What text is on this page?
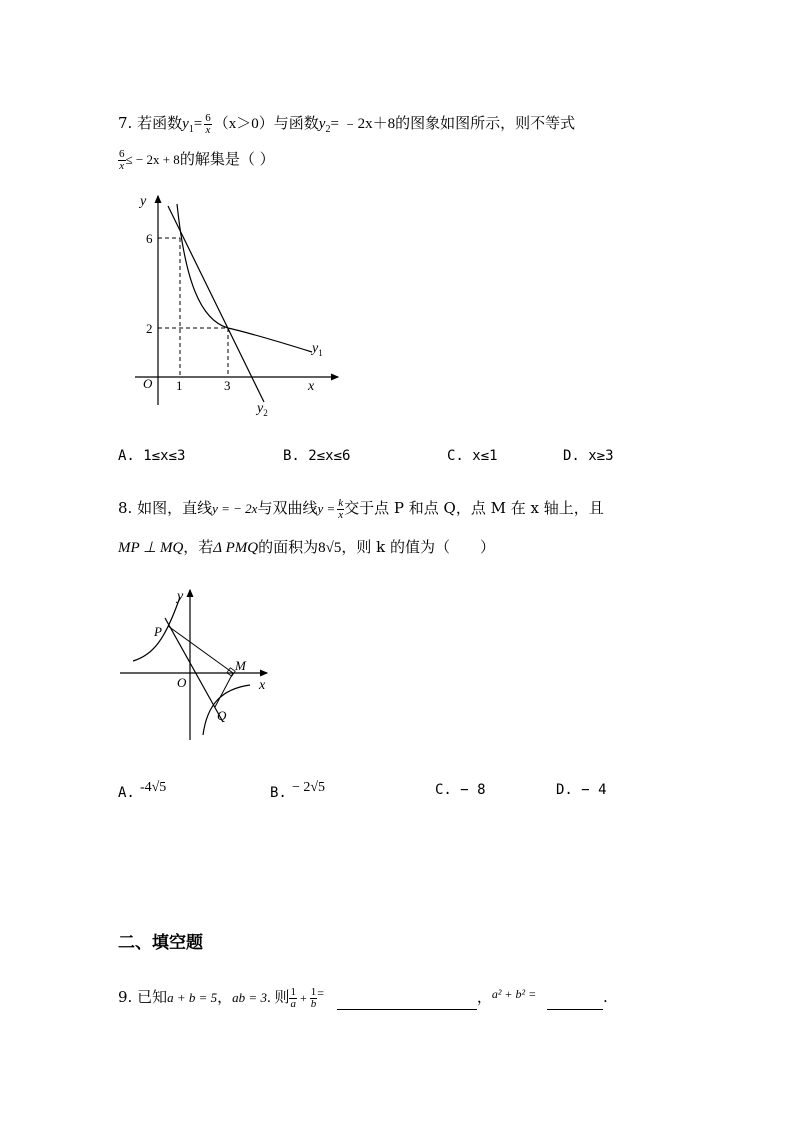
7. 若函数$y_1= \frac{6}{x} (x>0)$与函数$y_2=$ ﹣2x＋8的图象如图所示，则不等式
$\frac{6}{x}$ ≤ − 2x + 8的解集是（ ）
y
x
O
6
2
1	3
$y_1$
$y_2$
A. 1≤x≤3	B. 2≤x≤6	C. x≤1	D. x≥3
8. 如图，直线y = − 2x与双曲线$y = \frac{k}{x}$ 交于点 P 和点 Q，点 M 在 x 轴上，且
MP ⊥ MQ，若Δ PMQ的面积为8√5，则 k 的值为（　　）
y
x
O
P
M
Q
A. -4√5	B. − 2√5	C. − 8	D. − 4
二、填空题
9. 已知a + b = 5，ab = 3. 则 $\frac{1}{a} + \frac{1}{b} ^=$	，$^{a^2 + b^2 =}$	.
